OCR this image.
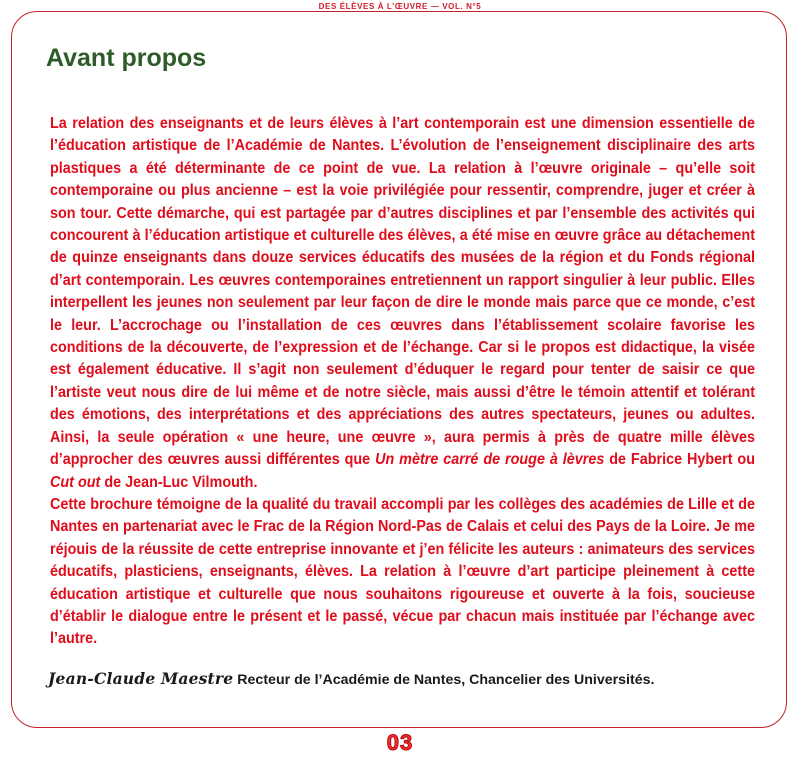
DES ÉLÈVES À L’ŒUVRE — VOL. N°5
Avant propos

La relation des enseignants et de leurs élèves à l’art contemporain est une dimension essentielle de l’éducation artistique de l’Académie de Nantes. L’évolution de l’enseignement disciplinaire des arts plastiques a été déterminante de ce point de vue. La relation à l’œuvre originale – qu’elle soit contemporaine ou plus ancienne – est la voie privilégiée pour ressentir, comprendre, juger et créer à son tour. Cette démarche, qui est partagée par d’autres disciplines et par l’ensemble des activités qui concourent à l’éducation artistique et culturelle des élèves, a été mise en œuvre grâce au détachement de quinze enseignants dans douze services éducatifs des musées de la région et du Fonds régional d’art contemporain. Les œuvres contemporaines entretiennent un rapport singulier à leur public. Elles interpellent les jeunes non seulement par leur façon de dire le monde mais parce que ce monde, c’est le leur. L’accrochage ou l’installation de ces œuvres dans l’établissement scolaire favorise les conditions de la découverte, de l’expression et de l’échange. Car si le propos est didactique, la visée est également éducative. Il s’agit non seulement d’éduquer le regard pour tenter de saisir ce que l’artiste veut nous dire de lui même et de notre siècle, mais aussi d’être le témoin attentif et tolérant des émotions, des interprétations et des appréciations des autres spectateurs, jeunes ou adultes. Ainsi, la seule opération « une heure, une œuvre », aura permis à près de quatre mille élèves d’approcher des œuvres aussi différentes que Un mètre carré de rouge à lèvres de Fabrice Hybert ou Cut out de Jean-Luc Vilmouth.

Cette brochure témoigne de la qualité du travail accompli par les collèges des académies de Lille et de Nantes en partenariat avec le Frac de la Région Nord-Pas de Calais et celui des Pays de la Loire. Je me réjouis de la réussite de cette entreprise innovante et j’en félicite les auteurs : animateurs des services éducatifs, plasticiens, enseignants, élèves. La relation à l’œuvre d’art participe pleinement à cette éducation artistique et culturelle que nous souhaitons rigoureuse et ouverte à la fois, soucieuse d’établir le dialogue entre le présent et le passé, vécue par chacun mais instituée par l’échange avec l’autre.

Jean-Claude Maestre Recteur de l’Académie de Nantes, Chancelier des Universités.
03
